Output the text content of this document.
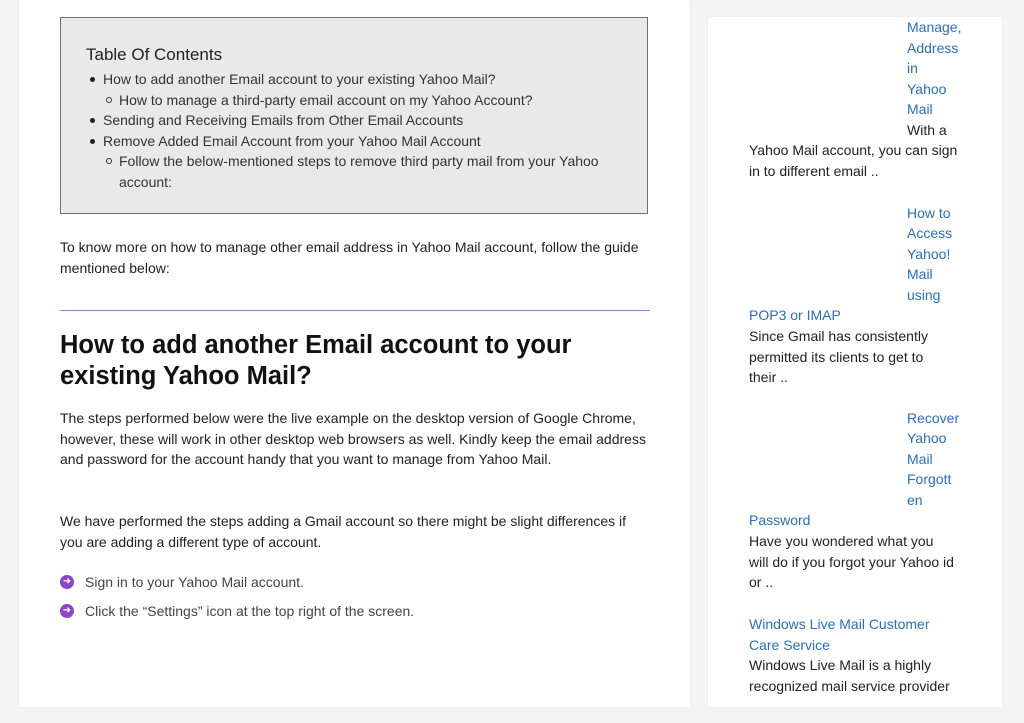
Table Of Contents
How to add another Email account to your existing Yahoo Mail?
How to manage a third-party email account on my Yahoo Account?
Sending and Receiving Emails from Other Email Accounts
Remove Added Email Account from your Yahoo Mail Account
Follow the below-mentioned steps to remove third party mail from your Yahoo account:

To know more on how to manage other email address in Yahoo Mail account, follow the guide mentioned below:

How to add another Email account to your existing Yahoo Mail?

The steps performed below were the live example on the desktop version of Google Chrome, however, these will work in other desktop web browsers as well. Kindly keep the email address and password for the account handy that you want to manage from Yahoo Mail.

We have performed the steps adding a Gmail account so there might be slight differences if you are adding a different type of account.

➜ Sign in to your Yahoo Mail account.
➜ Click the “Settings” icon at the top right of the screen.
Manage,
Address
in
Yahoo
Mail

With a

Yahoo Mail account, you can sign in to different email ..

How to
Access
Yahoo!
Mail
using
POP3 or IMAP

Since Gmail has consistently permitted its clients to get to their ..

Recover
Yahoo
Mail
Forgott
en
Password

Have you wondered what you will do if you forgot your Yahoo id or ..

Windows Live Mail Customer Care Service

Windows Live Mail is a highly recognized mail service provider
